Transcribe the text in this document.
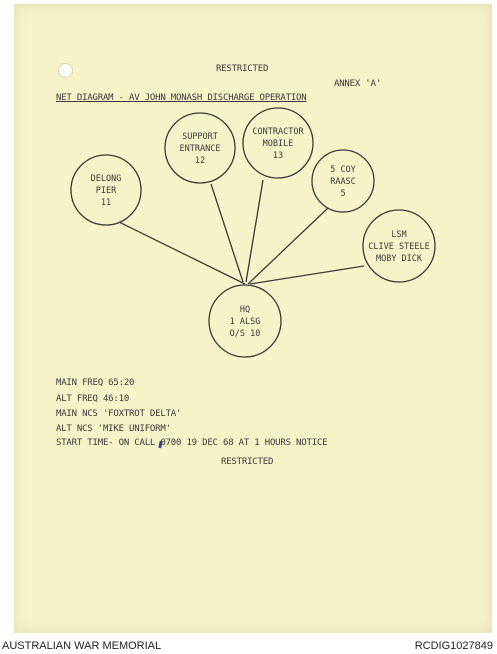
RESTRICTED
ANNEX 'A'
NET DIAGRAM - AV JOHN MONASH DISCHARGE OPERATION
DELONG
PIER
11
SUPPORT
ENTRANCE
12
CONTRACTOR
MOBILE
13
5 COY
RAASC
5
LSM
CLIVE STEELE
MOBY DICK
HQ
1 ALSG
O/S 10
MAIN FREQ 65:20
ALT FREQ 46:10
MAIN NCS 'FOXTROT DELTA'
ALT NCS 'MIKE UNIFORM'
START TIME- ON CALL 0700 19 DEC 68 AT 1 HOURS NOTICE
RESTRICTED
AUSTRALIAN WAR MEMORIAL	RCDIG1027849
